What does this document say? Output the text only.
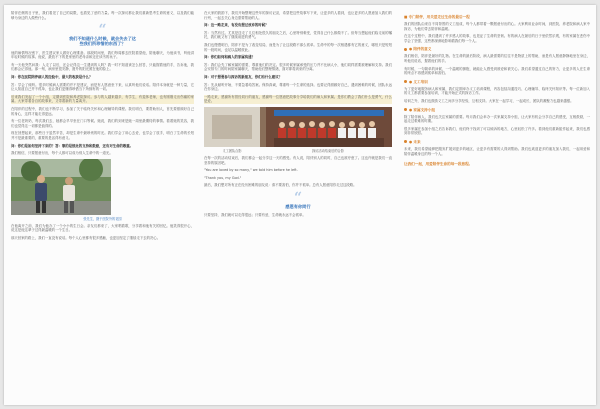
陪伴在侧的日子里，我们看见了自己的局限，也看见了爱的力量。每一次探访都让我们重新思考生命的意义，以及我们能够为身边的人做些什么。

“
我们不知道什么时候，就会失去了这些我们所珍惜的东西了？

他的病情每况愈下，医生建议家人做好心理准备。那段时间里，我们每周都去医院看望他，陪他聊天，为他读书，听他讲年轻时候的故事。他说，最放不下的是家里的老母亲和还在读书的孩子。

有一天他突然问我：人走了以后，还会记得这一生遇到的人吗？我一时不知道该怎么回答，只能握着他的手，告诉他，我们都会记得他。那一刻，病房里很安静，窗外的阳光照在他的脸上。

问：你在医院陪伴病人的经验中，最大的收获是什么？

答：学会了倾听。很多时候病人需要的并不是建议，而是有人愿意坐下来，认真听他们说话。陪伴本身就是一种力量，它让人知道自己并不孤单，也让我们更懂得珍惜当下所拥有的一切。

后来我们发起了一个小组，定期到医院和养老院探访。参与的人越来越多，有学生，有退休老师，也有刚刚走出伤痛的家属。大家带着各自的故事来，又带着新的力量离开。

在陪伴的过程中，我们也不断学习，参加了关于临终关怀和心理辅导的课程。我们明白，要帮助别人，首先要照顾好自己的身心，这样才能走得更远。

有一位老奶奶，每次我们去，她都会早早坐在门口等候。她说，我们的到来是她一周里最期待的事情。看着她的笑容，我们也觉得这一切都是值得的。

现在回想起来，那些日子虽然辛苦，却是生命中最珍贵的时光。我们学会了用心去爱，也学会了放手，明白了生命的长短并不是最重要的，重要的是活得有意义。

问：你们是如何坚持下来的？答：靠的是彼此的支持和鼓励，还有对生命的敬重。

我们相信，只要愿意付出，每个人都可以成为别人生命中的一道光。

张先生，摄于医院外的花园

在他离开之前，我们为他办了一个小小的生日会。亲友们都来了，大家唱着歌，分享着和他有关的回忆。他笑得很开心，说这是他这辈子过得最温暖的一个生日。

那天回家的路上，我们一直没有说话。每个人心里都有很多感触，也更加坚定了继续走下去的决心。

在大家的鼓励下，我们开始整理这些年的探访记录，希望把这些故事写下来，让更多的人看到，也让更多的人愿意加入我们的行列，一起去关心身边需要帮助的人。

问：这一路走来，有没有想过放弃的时候？

答：当然有过。尤其是送走了几位相处很久的朋友之后，心里特别难受，觉得自己什么都做不了。但每当想起他们临走前的嘱托，我们就又有了继续前进的勇气。

我们也慢慢明白，陪伴不是为了改变结局，而是为了让这段路不那么孤单。生命中的每一次相遇都有它的意义，哪怕只是短短的一段时间，也足以温暖彼此。

问：你们如何和病人的家属沟通？

答：我们会先了解家属的需要，尊重他们的决定。很多时候家属承受的压力并不比病人小，他们同样需要被理解和支持。我们会安排专门的时间陪家属聊天，帮助他们整理情绪，面对即将到来的分离。

问：对于想要参与探访的新朋友，你们有什么建议？

答：先从倾听开始，不要急着给答案。保持真诚，尊重每一个生命的选择。也要记得照顾好自己，遇到困难的时候，团队永远在你身边。

一路走来，感谢所有曾经同行的朋友，感谢每一位愿意把故事分享给我们的病人和家属。是你们教会了我们什么是勇气，什么是爱。

义工团队合影	探访活动结束后的合影

在每一次的活动结束后，我们都会一起分享这一天的感受。有人说，陪伴别人的同时，自己也被疗愈了。这也许就是我们一直坚持的原因吧。

"You are loved by so many," we told him before he left.

"Thank you, my God."

最后，我们想对所有正在经历困难的朋友说：请不要害怕，你并不孤单。总有人愿意陪你走过这段路。

“
感恩有你同行

只要坚持，我们就可以走得很远；只要有爱，生命就永远不会孤单。

■ 专门陪伴，用关爱走过生命的最后一程

我们的团队由来自不同背景的义工组成，每个人都带着一颗愿意付出的心。大家利用业余时间，到医院、养老院和病人家中探访，为他们带去陪伴和温暖。

在这个过程中，我们遇到了许多感人的故事，也见证了生命的坚韧。有的病人在最后的日子里依然乐观，有的家属在悲伤中学会了坚强，这些都深深地影响着我们每一个人。

● 陪伴的意义

我们相信，陪伴是最好的礼物。在生命的最后阶段，病人最需要的往往不是物质上的帮助，而是有人愿意静静地坐在身边，听他们说话，握着他们的手。

有时候，一句简单的问候，一个温暖的拥抱，就能让人感受到被爱和被关心。我们希望通过自己的努力，让更多的人在生命的终点不再感到孤单和害怕。

● 义工培训

为了更好地服务病人和家属，我们定期举办义工培训课程，内容包括沟通技巧、心理辅导、临终关怀知识等。每一位新加入的义工都需要参加培训，才能开始正式的探访工作。

培训之外，我们也鼓励义工之间多分享经验，互相支持。大家在一起学习，一起成长，团队的凝聚力也越来越强。

● 家属支持小组

除了陪伴病人，我们也关注家属的需要。每月我们会举办一次家属支持小组，让大家有机会分享自己的感受，互相鼓励，一起走过艰难的时期。

很多家属在参加小组之后告诉我们，他们终于找到了可以倾诉的地方，心里轻松了许多。看到他们重新振作起来，我们也感到非常欣慰。

● 未来

未来，我们希望能够把服务扩展到更多的地区，让更多有需要的人得到帮助。我们也欢迎更多的朋友加入我们，一起用爱和陪伴温暖身边的每一个人。

让我们一起，用爱陪伴生命的每一段旅程。
